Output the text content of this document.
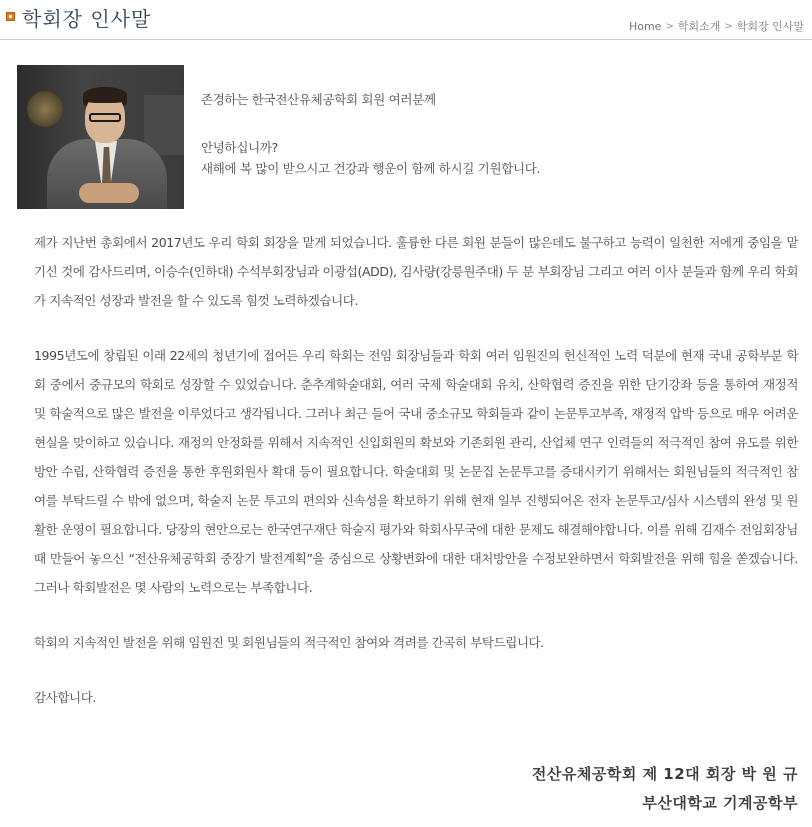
학회장 인사말	Home > 학회소개 > 학회장 인사말

존경하는 한국전산유체공학회 회원 여러분께

안녕하십니까?

새해에 복 많이 받으시고 건강과 행운이 함께 하시길 기원합니다.

제가 지난번 총회에서 2017년도 우리 학회 회장을 맡게 되었습니다. 훌륭한 다른 회원 분들이 많은데도 불구하고 능력이 일천한 저에게 중임을 맡기신 것에 감사드리며, 이승수(인하대) 수석부회장님과 이광섭(ADD), 김사량(강릉원주대) 두 분 부회장님 그리고 여러 이사 분들과 함께 우리 학회가 지속적인 성장과 발전을 할 수 있도록 힘껏 노력하겠습니다.

1995년도에 창립된 이래 22세의 청년기에 접어든 우리 학회는 전임 회장님들과 학회 여러 임원진의 헌신적인 노력 덕분에 현재 국내 공학부분 학회 중에서 중규모의 학회로 성장할 수 있었습니다. 춘추계학술대회, 여러 국제 학술대회 유치, 산학협력 증진을 위한 단기강좌 등을 통하여 재정적 및 학술적으로 많은 발전을 이루었다고 생각됩니다. 그러나 최근 들어 국내 중소규모 학회들과 같이 논문투고부족, 재정적 압박 등으로 매우 어려운 현실을 맞이하고 있습니다. 재정의 안정화를 위해서 지속적인 신입회원의 확보와 기존회원 관리, 산업체 연구 인력들의 적극적인 참여 유도를 위한 방안 수립, 산학협력 증진을 통한 후원회원사 확대 등이 필요합니다. 학술대회 및 논문집 논문투고를 증대시키기 위해서는 회원님들의 적극적인 참여를 부탁드릴 수 밖에 없으며, 학술지 논문 투고의 편의와 신속성을 확보하기 위해 현재 일부 진행되어온 전자 논문투고/심사 시스템의 완성 및 원활한 운영이 필요합니다. 당장의 현안으로는 한국연구재단 학술지 평가와 학회사무국에 대한 문제도 해결해야합니다. 이를 위해 김재수 전임회장님때 만들어 놓으신 “전산유체공학회 중장기 발전계획”을 중심으로 상황변화에 대한 대처방안을 수정보완하면서 학회발전을 위해 힘을 쏟겠습니다. 그러나 학회발전은 몇 사람의 노력으로는 부족합니다.

학회의 지속적인 발전을 위해 임원진 및 회원님들의 적극적인 참여와 격려를 간곡히 부탁드립니다.

감사합니다.

전산유체공학회 제 12대 회장 박 원 규
부산대학교 기계공학부
